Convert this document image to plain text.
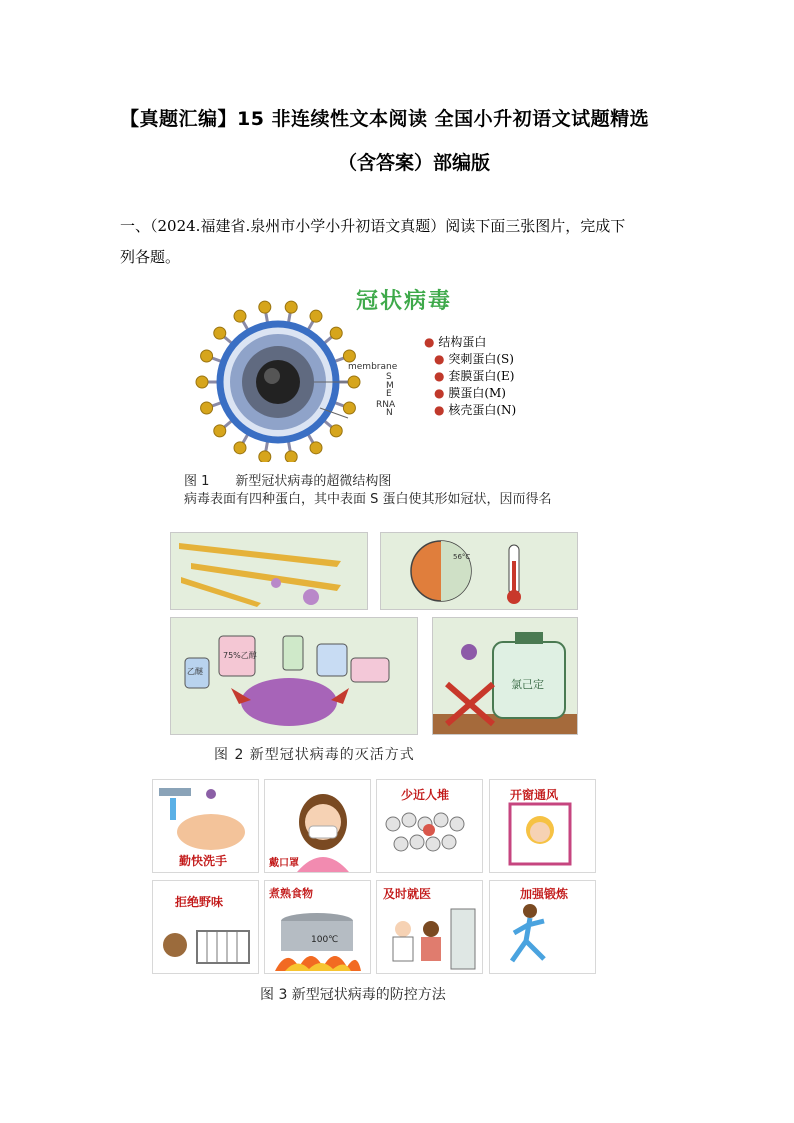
【真题汇编】15 非连续性文本阅读 全国小升初语文试题精选
（含答案）部编版
一、（2024.福建省.泉州市小学小升初语文真题）阅读下面三张图片，完成下
列各题。
冠状病毒
membrane
S
M
E
RNA
N
● 结构蛋白
● 突刺蛋白(S)
● 套膜蛋白(E)
● 膜蛋白(M)
● 核壳蛋白(N)
图 1　　新型冠状病毒的超微结构图
病毒表面有四种蛋白，其中表面 S 蛋白使其形如冠状，因而得名
56°C
75%乙醇
乙醚
氯己定
图 2 新型冠状病毒的灭活方式
勤快洗手	戴口罩
少近人堆	开窗通风
拒绝野味
煮熟食物
100℃
及时就医	加强锻炼
图 3 新型冠状病毒的防控方法
